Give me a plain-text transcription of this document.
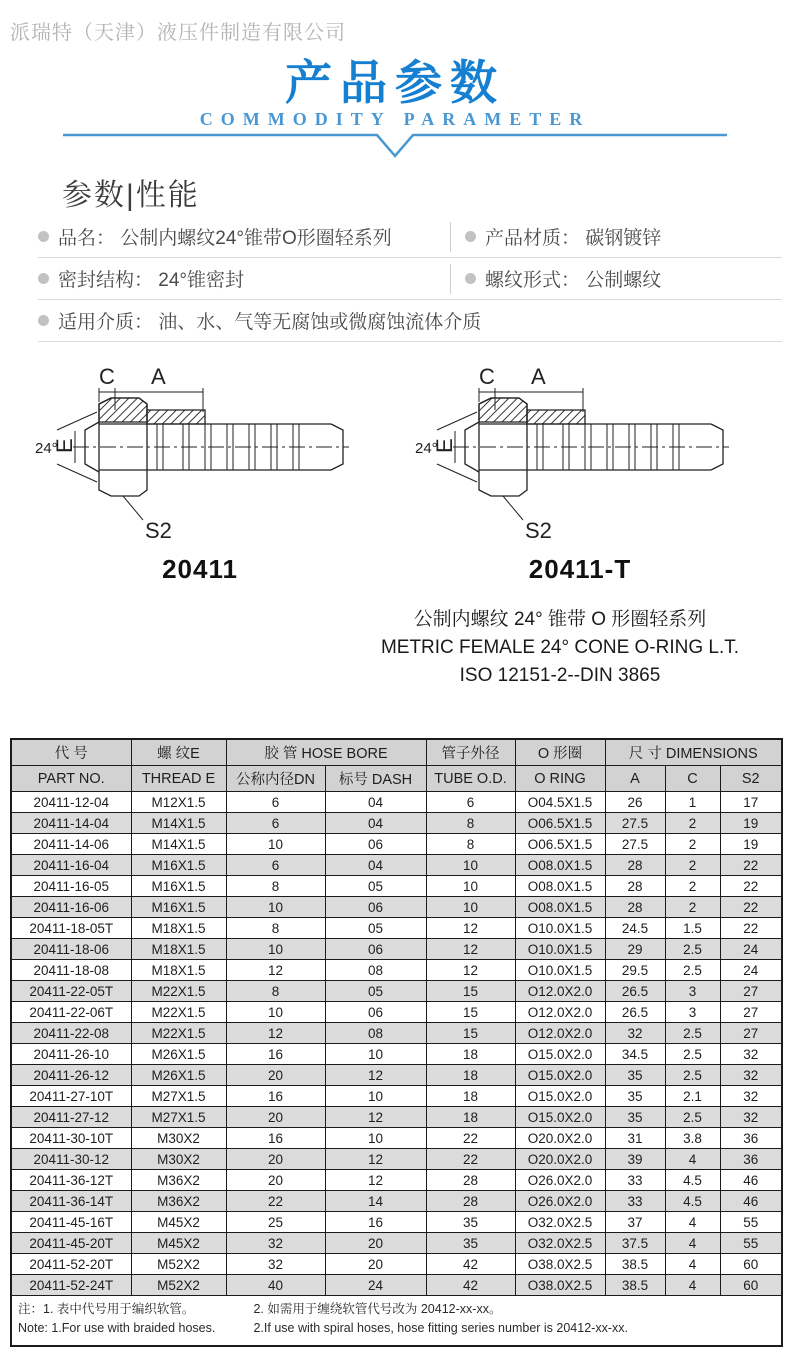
派瑞特（天津）液压件制造有限公司
产品参数
COMMODITY PARAMETER
参数|性能
品名： 公制内螺纹24°锥带O形圈轻系列	产品材质： 碳钢镀锌
密封结构： 24°锥密封	螺纹形式： 公制螺纹
适用介质： 油、水、气等无腐蚀或微腐蚀流体介质
C A
24°
E
S2
20411
C A
24°
E
S2
20411-T
公制内螺纹 24° 锥带 O 形圈轻系列
METRIC FEMALE 24° CONE O-RING L.T.
ISO 12151-2--DIN 3865
代 号	螺 纹E	胶 管 HOSE BORE		管子外径	O 形圈	尺 寸 DIMENSIONS		
PART NO.	THREAD E	公称内径DN	标号 DASH	TUBE O.D.	O RING	A	C	S2
20411-12-04	M12X1.5	6	04	6	O04.5X1.5	26	1	17
20411-14-04	M14X1.5	6	04	8	O06.5X1.5	27.5	2	19
20411-14-06	M14X1.5	10	06	8	O06.5X1.5	27.5	2	19
20411-16-04	M16X1.5	6	04	10	O08.0X1.5	28	2	22
20411-16-05	M16X1.5	8	05	10	O08.0X1.5	28	2	22
20411-16-06	M16X1.5	10	06	10	O08.0X1.5	28	2	22
20411-18-05T	M18X1.5	8	05	12	O10.0X1.5	24.5	1.5	22
20411-18-06	M18X1.5	10	06	12	O10.0X1.5	29	2.5	24
20411-18-08	M18X1.5	12	08	12	O10.0X1.5	29.5	2.5	24
20411-22-05T	M22X1.5	8	05	15	O12.0X2.0	26.5	3	27
20411-22-06T	M22X1.5	10	06	15	O12.0X2.0	26.5	3	27
20411-22-08	M22X1.5	12	08	15	O12.0X2.0	32	2.5	27
20411-26-10	M26X1.5	16	10	18	O15.0X2.0	34.5	2.5	32
20411-26-12	M26X1.5	20	12	18	O15.0X2.0	35	2.5	32
20411-27-10T	M27X1.5	16	10	18	O15.0X2.0	35	2.1	32
20411-27-12	M27X1.5	20	12	18	O15.0X2.0	35	2.5	32
20411-30-10T	M30X2	16	10	22	O20.0X2.0	31	3.8	36
20411-30-12	M30X2	20	12	22	O20.0X2.0	39	4	36
20411-36-12T	M36X2	20	12	28	O26.0X2.0	33	4.5	46
20411-36-14T	M36X2	22	14	28	O26.0X2.0	33	4.5	46
20411-45-16T	M45X2	25	16	35	O32.0X2.5	37	4	55
20411-45-20T	M45X2	32	20	35	O32.0X2.5	37.5	4	55
20411-52-20T	M52X2	32	20	42	O38.0X2.5	38.5	4	60
20411-52-24T	M52X2	40	24	42	O38.0X2.5	38.5	4	60

注：1. 表中代号用于编织软管。 2. 如需用于缠绕软管代号改为 20412-xx-xx。
Note: 1.For use with braided hoses. 2.If use with spiral hoses, hose fitting series number is 20412-xx-xx.								
